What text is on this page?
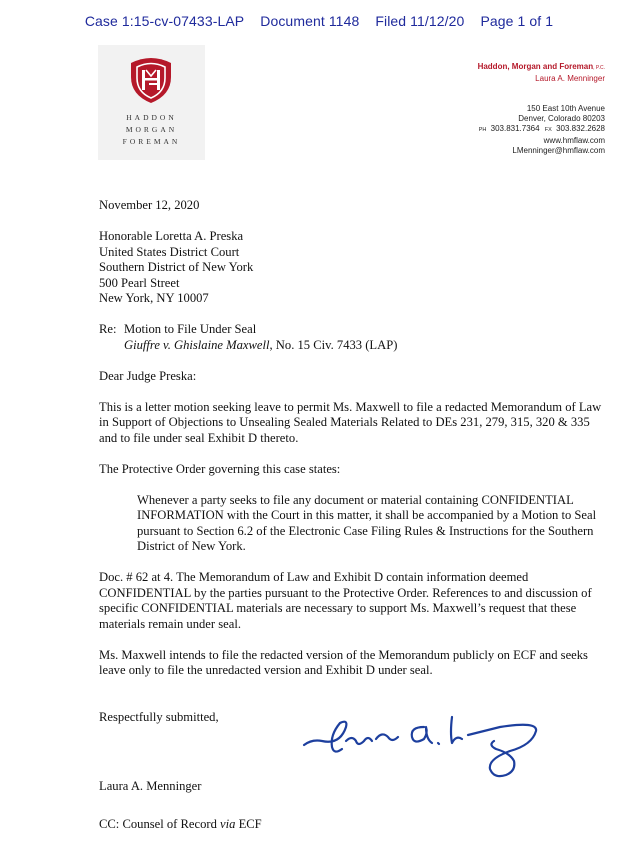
Case 1:15-cv-07433-LAP Document 1148 Filed 11/12/20 Page 1 of 1
HADDON
MORGAN
FOREMAN
Haddon, Morgan and Foreman, P.C.
Laura A. Menninger
150 East 10th Avenue
Denver, Colorado 80203
PH 303.831.7364 FX 303.832.2628
www.hmflaw.com
LMenninger@hmflaw.com

November 12, 2020

Honorable Loretta A. Preska

United States District Court

Southern District of New York

500 Pearl Street

New York, NY 10007

Re: Motion to File Under Seal

Giuffre v. Ghislaine Maxwell, No. 15 Civ. 7433 (LAP)

Dear Judge Preska:

This is a letter motion seeking leave to permit Ms. Maxwell to file a redacted Memorandum of Law in Support of Objections to Unsealing Sealed Materials Related to DEs 231, 279, 315, 320 & 335 and to file under seal Exhibit D thereto.

The Protective Order governing this case states:

Whenever a party seeks to file any document or material containing CONFIDENTIAL INFORMATION with the Court in this matter, it shall be accompanied by a Motion to Seal pursuant to Section 6.2 of the Electronic Case Filing Rules & Instructions for the Southern District of New York.

Doc. # 62 at 4. The Memorandum of Law and Exhibit D contain information deemed CONFIDENTIAL by the parties pursuant to the Protective Order. References to and discussion of specific CONFIDENTIAL materials are necessary to support Ms. Maxwell’s request that these materials remain under seal.

Ms. Maxwell intends to file the redacted version of the Memorandum publicly on ECF and seeks leave only to file the unredacted version and Exhibit D under seal.

Respectfully submitted,

Laura A. Menninger

CC: Counsel of Record via ECF
